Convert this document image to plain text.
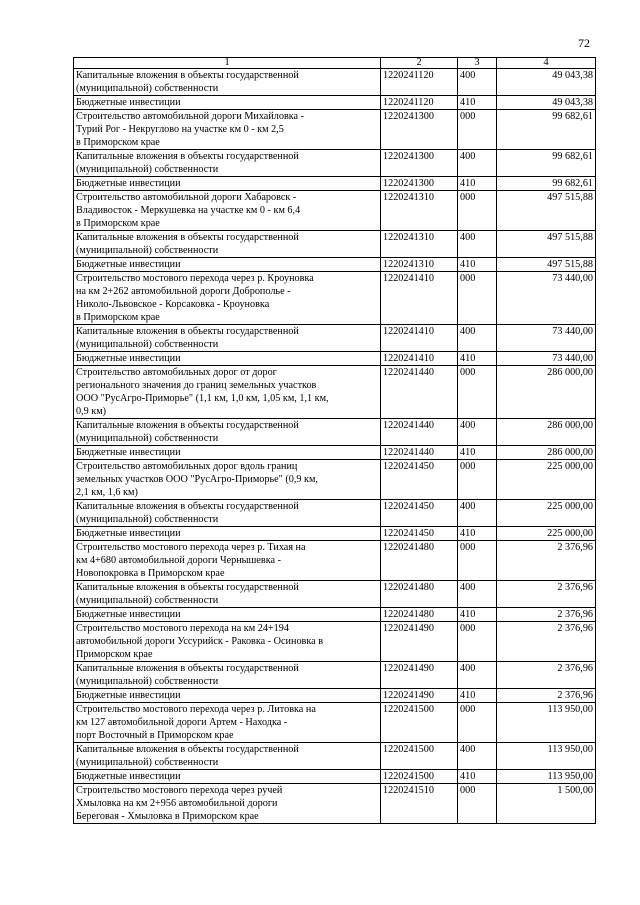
72
1	2	3	4
Капитальные вложения в объекты государственной
(муниципальной) собственности	1220241120	400	49 043,38
Бюджетные инвестиции	1220241120	410	49 043,38
Строительство автомобильной дороги Михайловка -
Турий Рог - Некруглово на участке км 0 - км 2,5
в Приморском крае	1220241300	000	99 682,61
Капитальные вложения в объекты государственной
(муниципальной) собственности	1220241300	400	99 682,61
Бюджетные инвестиции	1220241300	410	99 682,61
Строительство автомобильной дороги Хабаровск -
Владивосток - Меркушевка на участке км 0 - км 6,4
в Приморском крае	1220241310	000	497 515,88
Капитальные вложения в объекты государственной
(муниципальной) собственности	1220241310	400	497 515,88
Бюджетные инвестиции	1220241310	410	497 515,88
Строительство мостового перехода через р. Кроуновка
на км 2+262 автомобильной дороги Доброполье -
Николо-Львовское - Корсаковка - Кроуновка
в Приморском крае	1220241410	000	73 440,00
Капитальные вложения в объекты государственной
(муниципальной) собственности	1220241410	400	73 440,00
Бюджетные инвестиции	1220241410	410	73 440,00
Строительство автомобильных дорог от дорог
регионального значения до границ земельных участков
ООО "РусАгро-Приморье" (1,1 км, 1,0 км, 1,05 км, 1,1 км,
0,9 км)	1220241440	000	286 000,00
Капитальные вложения в объекты государственной
(муниципальной) собственности	1220241440	400	286 000,00
Бюджетные инвестиции	1220241440	410	286 000,00
Строительство автомобильных дорог вдоль границ
земельных участков ООО "РусАгро-Приморье" (0,9 км,
2,1 км, 1,6 км)	1220241450	000	225 000,00
Капитальные вложения в объекты государственной
(муниципальной) собственности	1220241450	400	225 000,00
Бюджетные инвестиции	1220241450	410	225 000,00
Строительство мостового перехода через р. Тихая на
км 4+680 автомобильной дороги Чернышевка -
Новопокровка в Приморском крае	1220241480	000	2 376,96
Капитальные вложения в объекты государственной
(муниципальной) собственности	1220241480	400	2 376,96
Бюджетные инвестиции	1220241480	410	2 376,96
Строительство мостового перехода на км 24+194
автомобильной дороги Уссурийск - Раковка - Осиновка в
Приморском крае	1220241490	000	2 376,96
Капитальные вложения в объекты государственной
(муниципальной) собственности	1220241490	400	2 376,96
Бюджетные инвестиции	1220241490	410	2 376,96
Строительство мостового перехода через р. Литовка на
км 127 автомобильной дороги Артем - Находка -
порт Восточный в Приморском крае	1220241500	000	113 950,00
Капитальные вложения в объекты государственной
(муниципальной) собственности	1220241500	400	113 950,00
Бюджетные инвестиции	1220241500	410	113 950,00
Строительство мостового перехода через ручей
Хмыловка на км 2+956 автомобильной дороги
Береговая - Хмыловка в Приморском крае	1220241510	000	1 500,00
